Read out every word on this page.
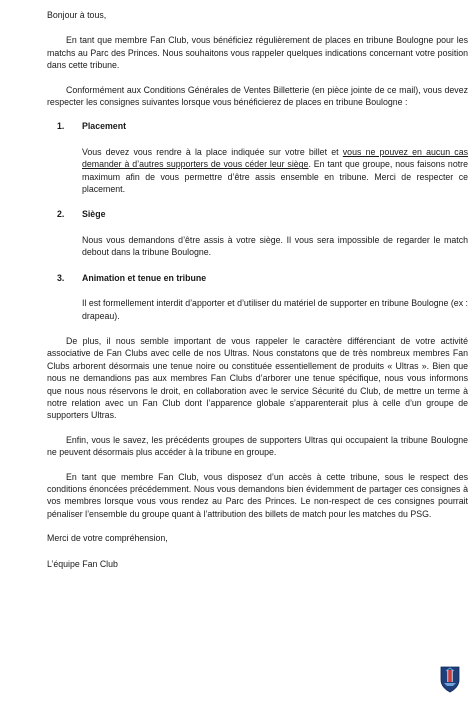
Bonjour à tous,

En tant que membre Fan Club, vous bénéficiez régulièrement de places en tribune Boulogne pour les matchs au Parc des Princes. Nous souhaitons vous rappeler quelques indications concernant votre position dans cette tribune.

Conformément aux Conditions Générales de Ventes Billetterie (en pièce jointe de ce mail), vous devez respecter les consignes suivantes lorsque vous bénéficierez de places en tribune Boulogne :

1.	Placement

Vous devez vous rendre à la place indiquée sur votre billet et vous ne pouvez en aucun cas demander à d’autres supporters de vous céder leur siège. En tant que groupe, nous faisons notre maximum afin de vous permettre d’être assis ensemble en tribune. Merci de respecter ce placement.

2.	Siège

Nous vous demandons d’être assis à votre siège. Il vous sera impossible de regarder le match debout dans la tribune Boulogne.

3.	Animation et tenue en tribune

Il est formellement interdit d’apporter et d’utiliser du matériel de supporter en tribune Boulogne (ex : drapeau).

De plus, il nous semble important de vous rappeler le caractère différenciant de votre activité associative de Fan Clubs avec celle de nos Ultras. Nous constatons que de très nombreux membres Fan Clubs arborent désormais une tenue noire ou constituée essentiellement de produits « Ultras ». Bien que nous ne demandions pas aux membres Fan Clubs d’arborer une tenue spécifique, nous vous informons que nous nous réservons le droit, en collaboration avec le service Sécurité du Club, de mettre un terme à notre relation avec un Fan Club dont l’apparence globale s’apparenterait plus à celle d’un groupe de supporters Ultras.

Enfin, vous le savez, les précédents groupes de supporters Ultras qui occupaient la tribune Boulogne ne peuvent désormais plus accéder à la tribune en groupe.

En tant que membre Fan Club, vous disposez d’un accès à cette tribune, sous le respect des conditions énoncées précédemment. Nous vous demandons bien évidemment de partager ces consignes à vos membres lorsque vous vous rendez au Parc des Princes. Le non-respect de ces consignes pourrait pénaliser l’ensemble du groupe quant à l’attribution des billets de match pour les matches du PSG.

Merci de votre compréhension,

L’équipe Fan Club
